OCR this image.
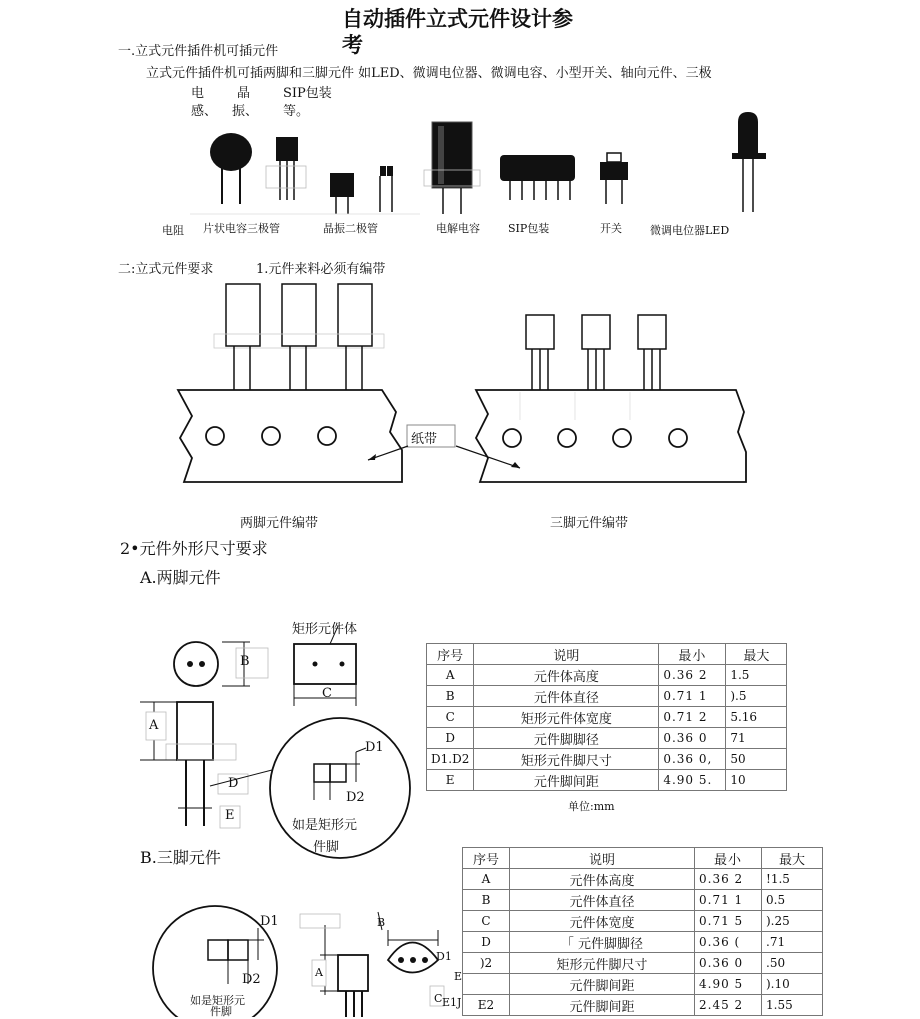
自动插件立式元件设计参
考
一.立式元件插件机可插元件
立式元件插件机可插两脚和三脚元件 如LED、微调电位器、微调电容、小型开关、轴向元件、三极
电	晶	SIP包装
感、 振、 等。
电阻 片状电容三极管	晶振二极管	电解电容	SIP包装	开关	微调电位器LED
二:立式元件要求	1.元件来料必须有编带
纸带
两脚元件编带	三脚元件编带
2•元件外形尺寸要求
A.两脚元件
矩形元件体
B
C
A
D
E
D1
D2
如是矩形元
件脚
序号	说明	最小	最大
A	元件体高度	0.36 2	1.5
B	元件体直径	0.71 1	).5
C	矩形元件体宽度	0.71 2	5.16
D	元件脚脚径	0.36 0	71
D1.D2	矩形元件脚尺寸	0.36 0,	50
E	元件脚间距	4.90 5.	10
单位:mm
B.三脚元件
D1
D2
如是矩形元
件脚
B
A
D1
E
C E1J
序号	说明	最小	最大
A	元件体高度	0.36 2	!1.5
B	元件体直径	0.71 1	0.5
C	元件体宽度	0.71 5	).25
D	「 元件脚脚径	0.36 (	.71
)2	矩形元件脚尺寸	0.36 0	.50
	元件脚间距	4.90 5	).10
E2	元件脚间距	2.45 2	1.55
